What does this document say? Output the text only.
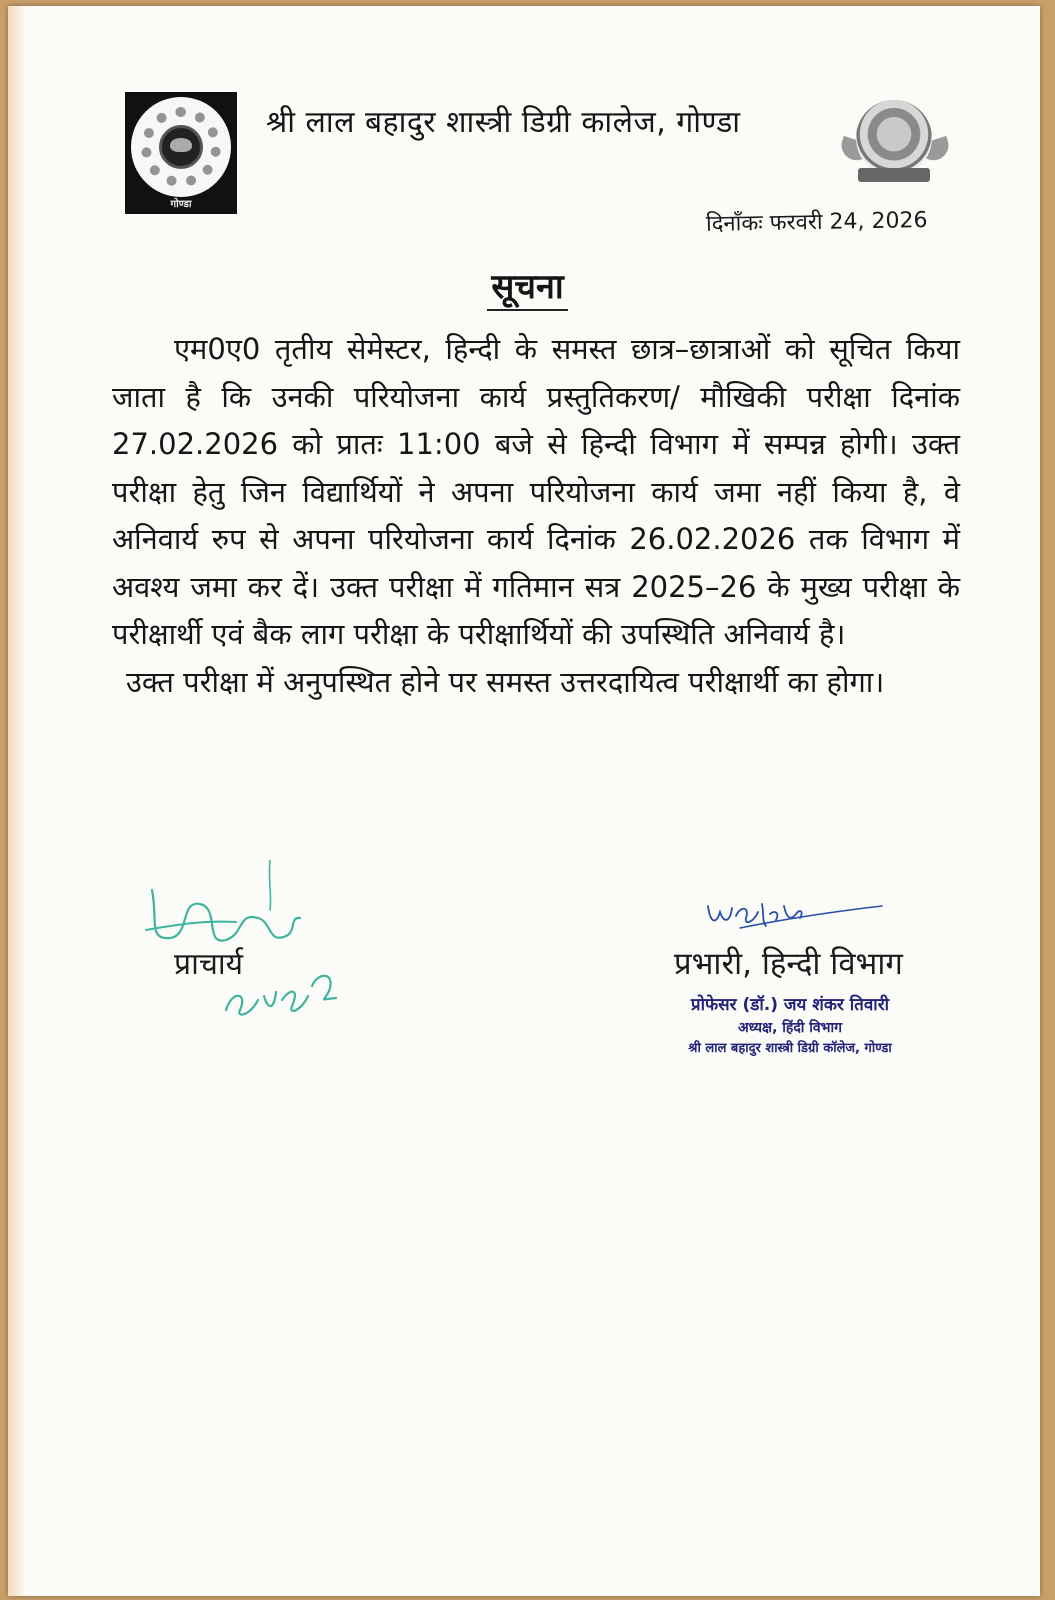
गोण्डा
श्री लाल बहादुर शास्त्री डिग्री कालेज, गोण्डा
दिनाँकः फरवरी 24, 2026
सूचना

एम0ए0 तृतीय सेमेस्टर, हिन्दी के समस्त छात्र–छात्राओं को सूचित किया जाता है कि उनकी परियोजना कार्य प्रस्तुतिकरण/ मौखिकी परीक्षा दिनांक 27.02.2026 को प्रातः 11:00 बजे से हिन्दी विभाग में सम्पन्न होगी। उक्त परीक्षा हेतु जिन विद्यार्थियों ने अपना परियोजना कार्य जमा नहीं किया है, वे अनिवार्य रुप से अपना परियोजना कार्य दिनांक 26.02.2026 तक विभाग में अवश्य जमा कर दें। उक्त परीक्षा में गतिमान सत्र 2025–26 के मुख्य परीक्षा के परीक्षार्थी एवं बैक लाग परीक्षा के परीक्षार्थियों की उपस्थिति अनिवार्य है।

उक्त परीक्षा में अनुपस्थित होने पर समस्त उत्तरदायित्व परीक्षार्थी का होगा।

प्राचार्य	प्रभारी, हिन्दी विभाग
प्रोफेसर (डॉ.) जय शंकर तिवारी
अध्यक्ष, हिंदी विभाग
श्री लाल बहादुर शास्त्री डिग्री कॉलेज, गोण्डा
